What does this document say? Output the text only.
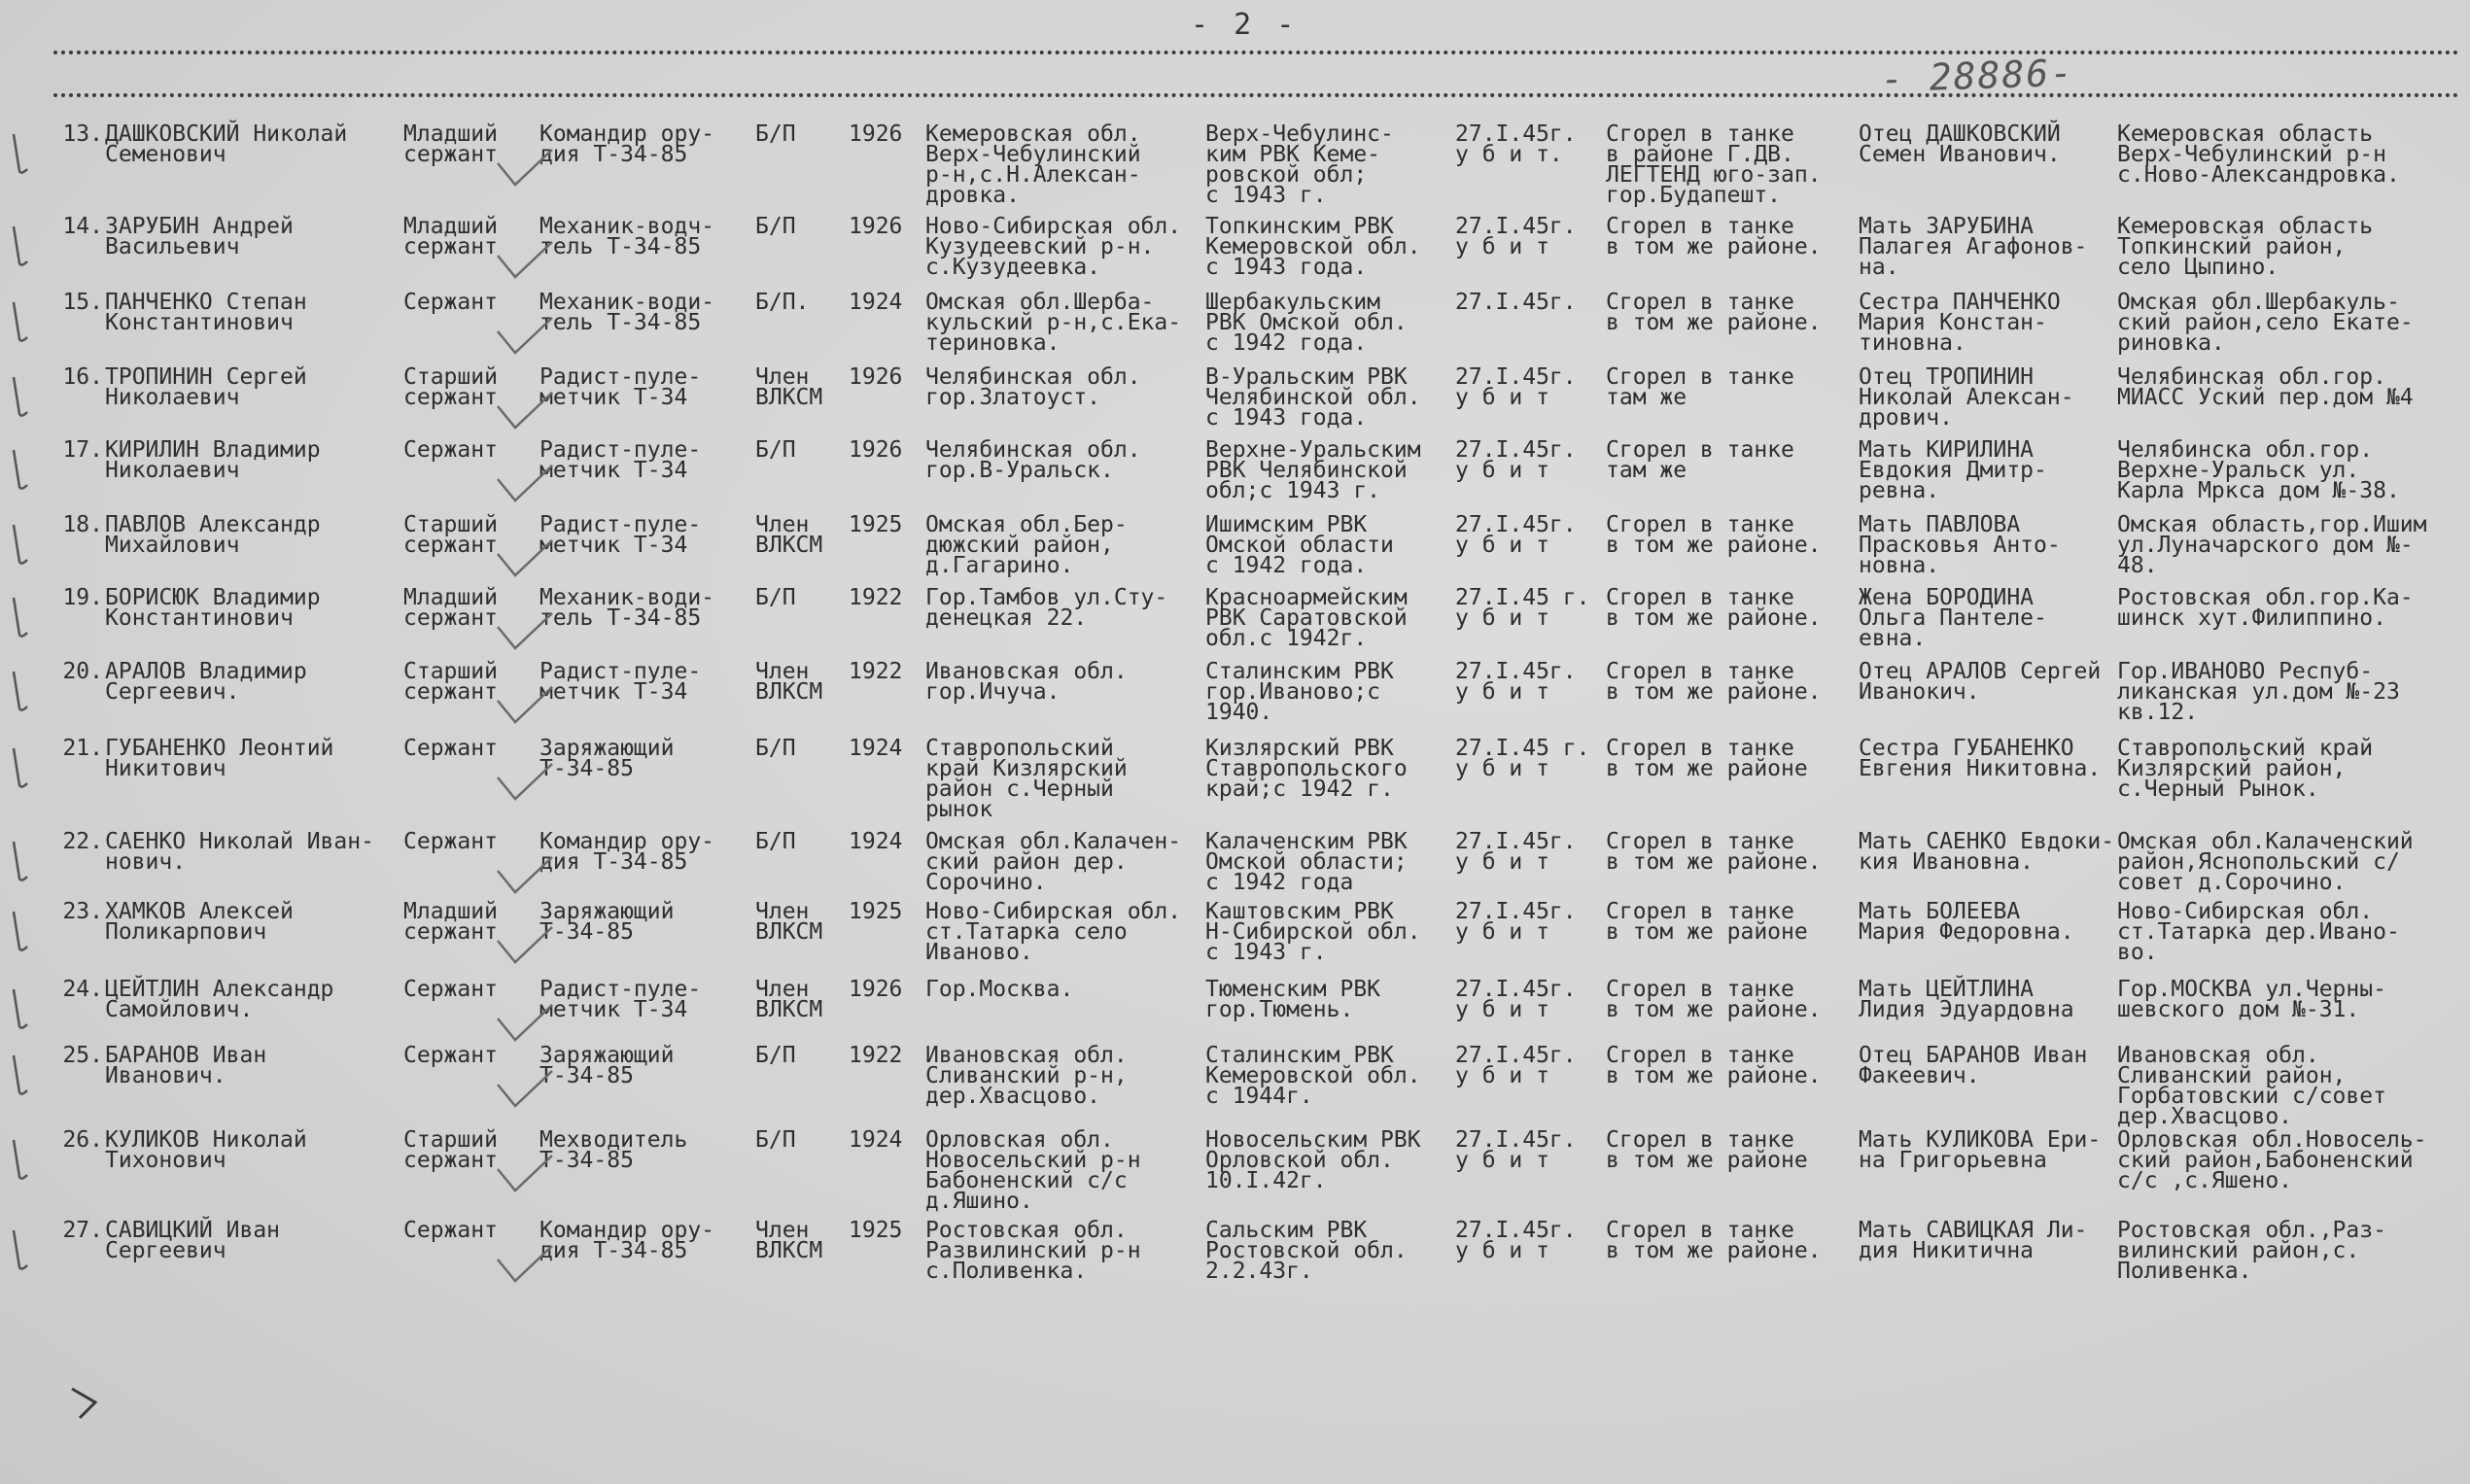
- 2 -
- 28886-
13. ДАШКОВСКИЙ Николай
Семенович
Младший
сержант
Командир ору-
дия Т-34-85
Б/П 1926 Кемеровская обл.
Верх-Чебулинский
р-н,с.Н.Алексан-
дровка.
Верх-Чебулинс-
ким РВК Keме-
ровской обл;
с 1943 г.
27.I.45г.
у б и т.
Сгорел в танке
в районе Г.ДВ.
ЛЕГТЕНД юго-зап.
гор.Будапешт.
Отец ДАШКОВСКИЙ
Семен Иванович.
Кемеровская область
Верх-Чебулинский р-н
с.Ново-Александровка.
14. ЗАРУБИН Андрей
Васильевич
Младший
сержант
Механик-водч-
тель Т-34-85
Б/П 1926 Ново-Сибирская обл.
Кузудеевский р-н.
с.Кузудеевка.
Топкинским РВК
Кемеровской обл.
с 1943 года.
27.I.45г.
у б и т
Сгорел в танке
в том же районе.
Мать ЗАРУБИНА
Палагея Агафонов-
на.
Кемеровская область
Топкинский район,
село Цыпино.
15. ПАНЧЕНКО Степан
Константинович
Сержант Механик-води-
тель Т-34-85
Б/П. 1924 Омская обл.Шерба-
кульский р-н,с.Ека-
териновка.
Шербакульским
РВК Омской обл.
с 1942 года.
27.I.45г. Сгорел в танке
в том же районе.
Сестра ПАНЧЕНКО
Мария Констан-
тиновна.
Омская обл.Шербакуль-
ский район,село Екате-
риновка.
16. ТРОПИНИН Сергей
Николаевич
Старший
сержант
Радист-пуле-
метчик Т-34
Член
ВЛКСМ
1926 Челябинская обл.
гор.Златоуст.
В-Уральским РВК
Челябинской обл.
с 1943 года.
27.I.45г.
у б и т
Сгорел в танке
там же
Отец ТРОПИНИН
Николай Алексан-
дрович.
Челябинская обл.гор.
МИАСС Уский пер.дом №4
17. КИРИЛИН Владимир
Николаевич
Сержант Радист-пуле-
метчик Т-34
Б/П 1926 Челябинская обл.
гор.В-Уральск.
Верхне-Уральским
РВК Челябинской
обл;с 1943 г.
27.I.45г.
у б и т
Сгорел в танке
там же
Мать КИРИЛИНА
Евдокия Дмитр-
ревна.
Челябинска обл.гор.
Верхне-Уральск ул.
Карла Мркса дом №-38.
18. ПАВЛОВ Александр
Михайлович
Старший
сержант
Радист-пуле-
метчик Т-34
Член
ВЛКСМ
1925 Омская обл.Бер-
дюжский район,
д.Гагарино.
Ишимским РВК
Омской области
с 1942 года.
27.I.45г.
у б и т
Сгорел в танке
в том же районе.
Мать ПАВЛОВА
Прасковья Анто-
новна.
Омская область,гор.Ишим
ул.Луначарского дом №-
48.
19. БОРИСЮК Владимир
Константинович
Младший
сержант
Механик-води-
тель Т-34-85
Б/П 1922 Гор.Тамбов ул.Сту-
денецкая 22.
Красноармейским
РВК Саратовской
обл.с 1942г.
27.I.45 г.
у б и т
Сгорел в танке
в том же районе.
Жена БОРОДИНА
Ольга Пантеле-
евна.
Ростовская обл.гор.Ка-
шинск хут.Филиппино.
20. АРАЛОВ Владимир
Сергеевич.
Старший
сержант
Радист-пуле-
метчик Т-34
Член
ВЛКСМ
1922 Ивановская обл.
гор.Ичуча.
Сталинским РВК
гор.Иваново;с
1940.
27.I.45г.
у б и т
Сгорел в танке
в том же районе.
Отец АРАЛОВ Сергей
Иванокич.
Гор.ИВАНОВО Респуб-
ликанская ул.дом №-23
кв.12.
21. ГУБАНЕНКО Леонтий
Никитович
Сержант Заряжающий
Т-34-85
Б/П 1924 Ставропольский
край Кизлярский
район с.Черный
рынок
Кизлярский РВК
Ставропольского
край;с 1942 г.
27.I.45 г.
у б и т
Сгорел в танке
в том же районе
Сестра ГУБАНЕНКО
Евгения Никитовна.
Ставропольский край
Кизлярский район,
с.Черный Рынок.
22. САЕНКО Николай Иван-
нович.
Сержант Командир ору-
дия Т-34-85
Б/П 1924 Омская обл.Калачен-
ский район дер.
Сорочино.
Калаченским РВК
Омской области;
с 1942 года
27.I.45г.
у б и т
Сгорел в танке
в том же районе.
Мать САЕНКО Евдоки-
кия Ивановна.
Омская обл.Калаченский
район,Яснопольский с/
совет д.Сорочино.
23. ХАМКОВ Алексей
Поликарпович
Младший
сержант
Заряжающий
Т-34-85
Член
ВЛКСМ
1925 Ново-Сибирская обл.
ст.Татарка село
Иваново.
Каштовским РВК
Н-Сибирской обл.
с 1943 г.
27.I.45г.
у б и т
Сгорел в танке
в том же районе
Мать БОЛЕЕВА
Мария Федоровна.
Ново-Сибирская обл.
ст.Татарка дер.Ивано-
во.
24. ЦЕЙТЛИН Александр
Самойлович.
Сержант Радист-пуле-
метчик Т-34
Член
ВЛКСМ
1926 Гор.Москва.	Тюменским РВК
гор.Тюмень.
27.I.45г.
у б и т
Сгорел в танке
в том же районе.
Мать ЦЕЙТЛИНА
Лидия Эдуардовна
Гор.МОСКВА ул.Черны-
шевского дом №-31.
25. БАРАНОВ Иван
Иванович.
Сержант Заряжающий
Т-34-85
Б/П 1922 Ивановская обл.
Сливанский р-н,
дер.Хвасцово.
Сталинским РВК
Кемеровской обл.
с 1944г.
27.I.45г.
у б и т
Сгорел в танке
в том же районе.
Отец БАРАНОВ Иван
Факеевич.
Ивановская обл.
Сливанский район,
Горбатовский с/совет
дер.Хвасцово.
26. КУЛИКОВ Николай
Тихонович
Старший
сержант
Мехводитель
Т-34-85
Б/П 1924 Орловская обл.
Новосельский р-н
Бабоненский с/с
д.Яшино.
Новосельским РВК
Орловской обл.
10.I.42г.
27.I.45г.
у б и т
Сгорел в танке
в том же районе
Мать КУЛИКОВА Ери-
на Григорьевна
Орловская обл.Новосель-
ский район,Бабоненский
с/с ,с.Яшено.
27. САВИЦКИЙ Иван
Сергеевич
Сержант Командир ору-
дия Т-34-85
Член
ВЛКСМ
1925 Ростовская обл.
Развилинский р-н
с.Поливенка.
Сальским РВК
Ростовской обл.
2.2.43г.
27.I.45г.
у б и т
Сгорел в танке
в том же районе.
Мать САВИЦКАЯ Ли-
дия Никитична
Ростовская обл.,Раз-
вилинский район,с.
Поливенка.
